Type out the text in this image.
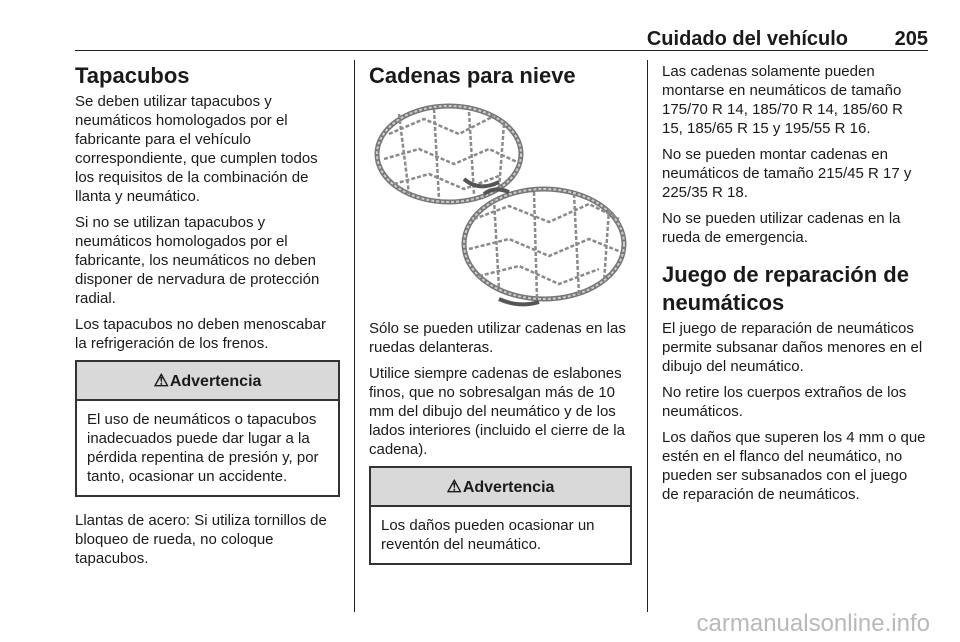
Cuidado del vehículo 205
Tapacubos

Se deben utilizar tapacubos y neumáticos homologados por el fabricante para el vehículo correspondiente, que cumplen todos los requisitos de la combinación de llanta y neumático.

Si no se utilizan tapacubos y neumáticos homologados por el fabricante, los neumáticos no deben disponer de nervadura de protección radial.

Los tapacubos no deben menoscabar la refrigeración de los frenos.

⚠Advertencia
El uso de neumáticos o tapacubos inadecuados puede dar lugar a la pérdida repentina de presión y, por tanto, ocasionar un accidente.

Llantas de acero: Si utiliza tornillos de bloqueo de rueda, no coloque tapacubos.

Cadenas para nieve

Sólo se pueden utilizar cadenas en las ruedas delanteras.

Utilice siempre cadenas de eslabones finos, que no sobresalgan más de 10 mm del dibujo del neumático y de los lados interiores (incluido el cierre de la cadena).

⚠Advertencia
Los daños pueden ocasionar un reventón del neumático.

Las cadenas solamente pueden montarse en neumáticos de tamaño 175/70 R 14, 185/70 R 14, 185/60 R 15, 185/65 R 15 y 195/55 R 16.

No se pueden montar cadenas en neumáticos de tamaño 215/45 R 17 y 225/35 R 18.

No se pueden utilizar cadenas en la rueda de emergencia.

Juego de reparación de neumáticos

El juego de reparación de neumáticos permite subsanar daños menores en el dibujo del neumático.

No retire los cuerpos extraños de los neumáticos.

Los daños que superen los 4 mm o que estén en el flanco del neumático, no pueden ser subsanados con el juego de reparación de neumáticos.

carmanualsonline.info
